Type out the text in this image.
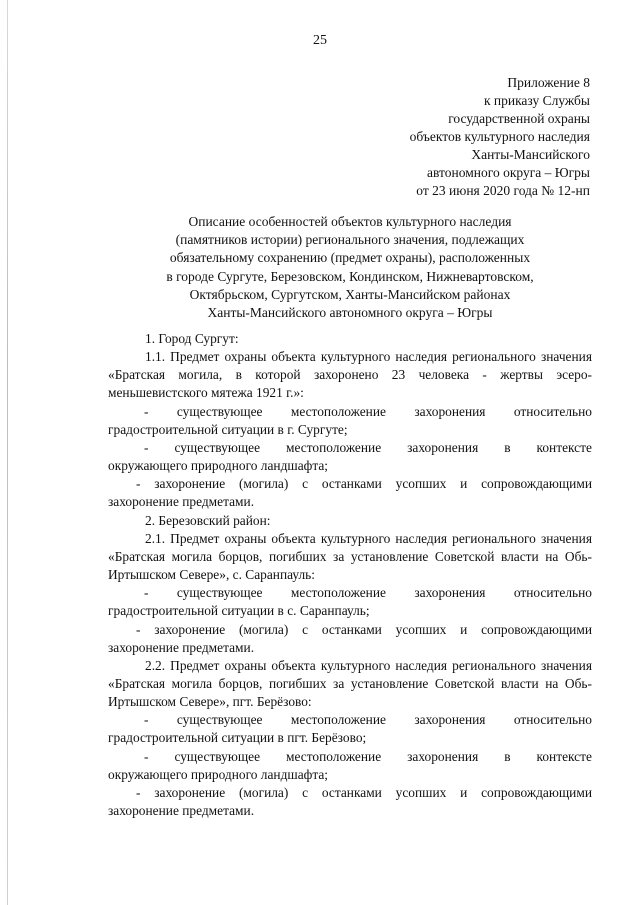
25
Приложение 8
к приказу Службы
государственной охраны
объектов культурного наследия
Ханты-Мансийского
автономного округа – Югры
от 23 июня 2020 года № 12-нп
Описание особенностей объектов культурного наследия
(памятников истории) регионального значения, подлежащих
обязательному сохранению (предмет охраны), расположенных
в городе Сургуте, Березовском, Кондинском, Нижневартовском,
Октябрьском, Сургутском, Ханты-Мансийском районах
Ханты-Мансийского автономного округа – Югры

1. Город Сургут:

1.1. Предмет охраны объекта культурного наследия регионального значения «Братская могила, в которой захоронено 23 человека - жертвы эсеро-меньшевистского мятежа 1921 г.»:

- существующее местоположение захоронения относительно

градостроительной ситуации в г. Сургуте;

- существующее местоположение захоронения в контексте

окружающего природного ландшафта;

- захоронение (могила) с останками усопших и сопровождающими захоронение предметами.

2. Березовский район:

2.1. Предмет охраны объекта культурного наследия регионального значения «Братская могила борцов, погибших за установление Советской власти на Обь-Иртышском Севере», с. Саранпауль:

- существующее местоположение захоронения относительно

градостроительной ситуации в с. Саранпауль;

- захоронение (могила) с останками усопших и сопровождающими захоронение предметами.

2.2. Предмет охраны объекта культурного наследия регионального значения «Братская могила борцов, погибших за установление Советской власти на Обь-Иртышском Севере», пгт. Берёзово:

- существующее местоположение захоронения относительно

градостроительной ситуации в пгт. Берёзово;

- существующее местоположение захоронения в контексте

окружающего природного ландшафта;

- захоронение (могила) с останками усопших и сопровождающими захоронение предметами.
